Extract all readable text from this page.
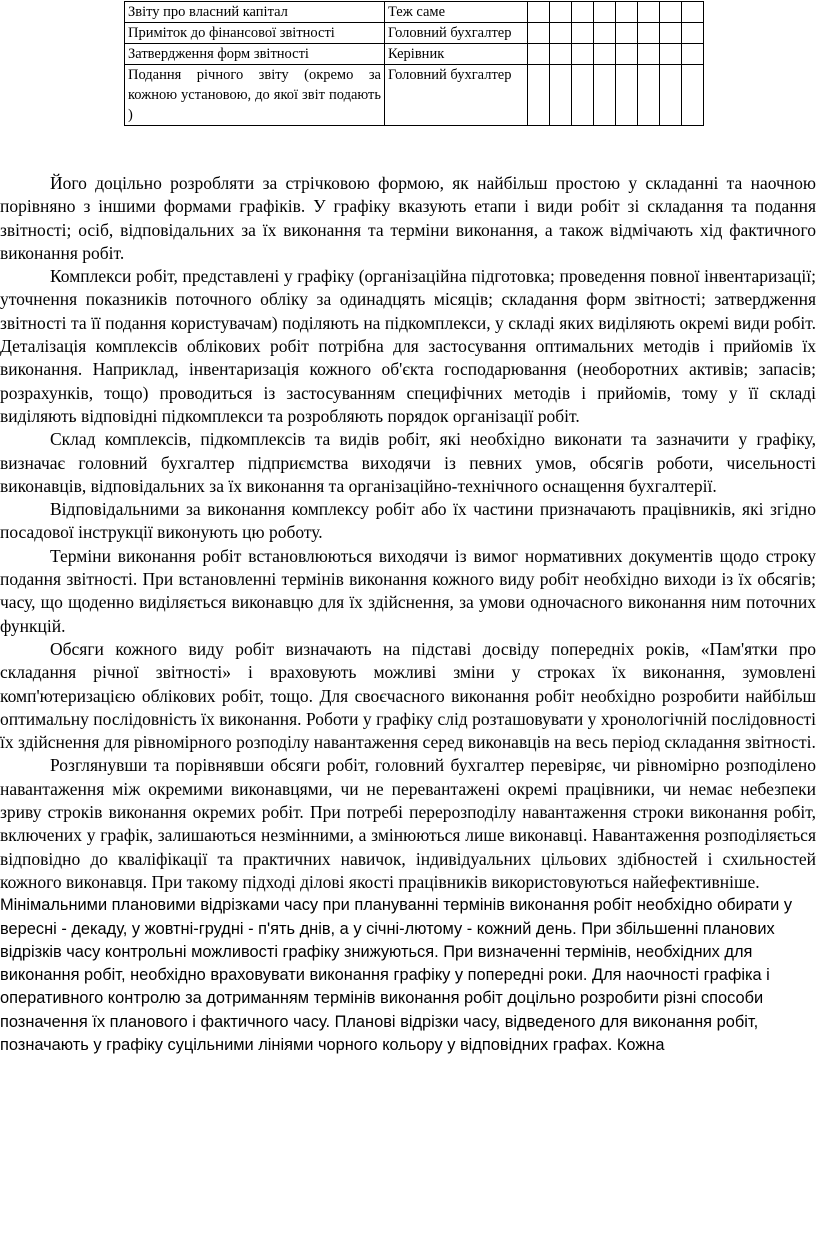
Звіту про власний капітал	Теж саме								
Приміток до фінансової звітності	Головний бухгалтер								
Затвердження форм звітності	Керівник								
Подання річного звіту (окремо за кожною установою, до якої звіт подають )	Головний бухгалтер								

Його доцільно розробляти за стрічковою формою, як найбільш простою у складанні та наочною порівняно з іншими формами графіків. У графіку вказують етапи і види робіт зі складання та подання звітності; осіб, відповідальних за їх виконання та терміни виконання, а також відмічають хід фактичного виконання робіт.

Комплекси робіт, представлені у графіку (організаційна підготовка; проведення повної інвентаризації; уточнення показників поточного обліку за одинадцять місяців; складання форм звітності; затвердження звітності та її подання користувачам) поділяють на підкомплекси, у складі яких виділяють окремі види робіт. Деталізація комплексів облікових робіт потрібна для застосування оптимальних методів і прийомів їх виконання. Наприклад, інвентаризація кожного об'єкта господарювання (необоротних активів; запасів; розрахунків, тощо) проводиться із застосуванням специфічних методів і прийомів, тому у її складі виділяють відповідні підкомплекси та розробляють порядок організації робіт.

Склад комплексів, підкомплексів та видів робіт, які необхідно виконати та зазначити у графіку, визначає головний бухгалтер підприємства виходячи із певних умов, обсягів роботи, чисельності виконавців, відповідальних за їх виконання та організаційно-технічного оснащення бухгалтерії.

Відповідальними за виконання комплексу робіт або їх частини призначають працівників, які згідно посадової інструкції виконують цю роботу.

Терміни виконання робіт встановлюються виходячи із вимог нормативних документів щодо строку подання звітності. При встановленні термінів виконання кожного виду робіт необхідно виходи із їх обсягів; часу, що щоденно виділяється виконавцю для їх здійснення, за умови одночасного виконання ним поточних функцій.

Обсяги кожного виду робіт визначають на підставі досвіду попередніх років, «Пам'ятки про складання річної звітності» і враховують можливі зміни у строках їх виконання, зумовлені комп'ютеризацією облікових робіт, тощо. Для своєчасного виконання робіт необхідно розробити найбільш оптимальну послідовність їх виконання. Роботи у графіку слід розташовувати у хронологічній послідовності їх здійснення для рівномірного розподілу навантаження серед виконавців на весь період складання звітності.

Розглянувши та порівнявши обсяги робіт, головний бухгалтер перевіряє, чи рівномірно розподілено навантаження між окремими виконавцями, чи не перевантажені окремі працівники, чи немає небезпеки зриву строків виконання окремих робіт. При потребі перерозподілу навантаження строки виконання робіт, включених у графік, залишаються незмінними, а змінюються лише виконавці. Навантаження розподіляється відповідно до кваліфікації та практичних навичок, індивідуальних цільових здібностей і схильностей кожного виконавця. При такому підході ділові якості працівників використовуються найефективніше.

Мінімальними плановими відрізками часу при плануванні термінів виконання робіт необхідно обирати у вересні - декаду, у жовтні-грудні - п'ять днів, а у січні-лютому - кожний день. При збільшенні планових відрізків часу контрольні можливості графіку знижуються. При визначенні термінів, необхідних для виконання робіт, необхідно враховувати виконання графіку у попередні роки. Для наочності графіка і оперативного контролю за дотриманням термінів виконання робіт доцільно розробити різні способи позначення їх планового і фактичного часу. Планові відрізки часу, відведеного для виконання робіт, позначають у графіку суцільними лініями чорного кольору у відповідних графах. Кожна
